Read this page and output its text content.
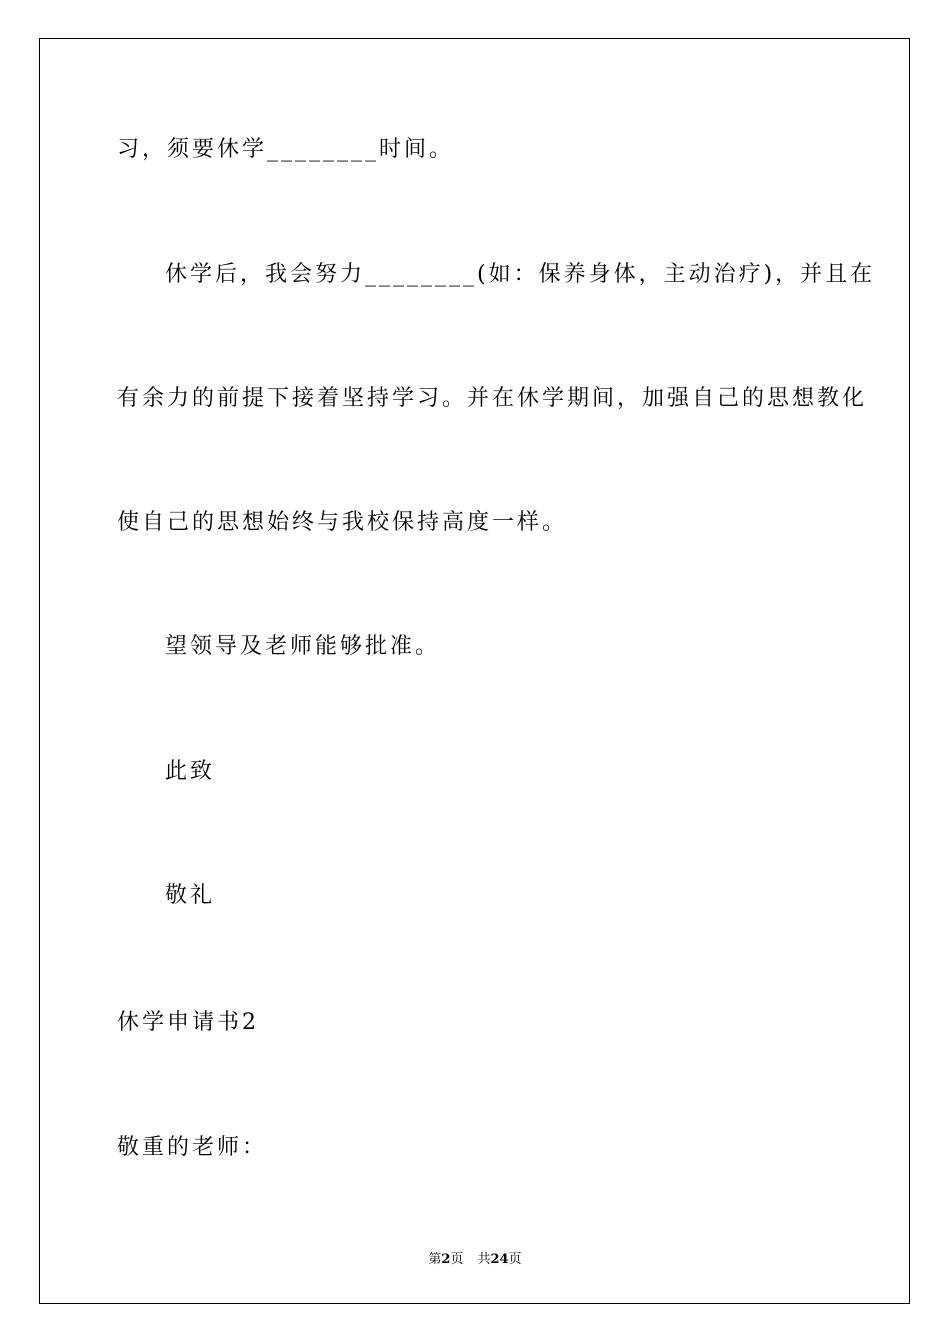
习，须要休学________时间。
休学后，我会努力________(如：保养身体，主动治疗)，并且在
有余力的前提下接着坚持学习。并在休学期间，加强自己的思想教化
使自己的思想始终与我校保持高度一样。
望领导及老师能够批准。
此致
敬礼
休学申请书2
敬重的老师：
第2页 共24页
